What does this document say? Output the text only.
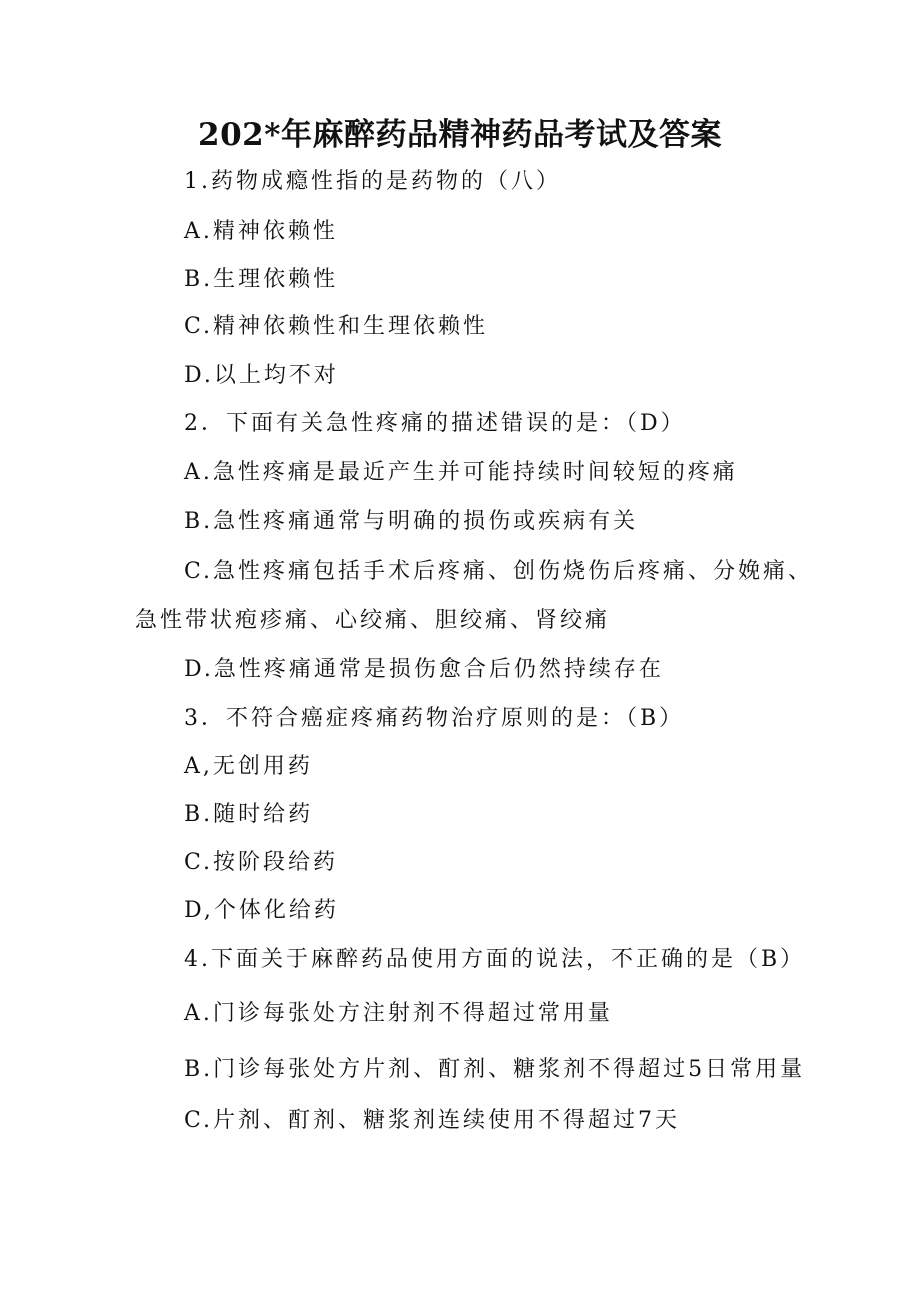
202*年麻醉药品精神药品考试及答案
1.药物成瘾性指的是药物的（八）
A.精神依赖性
B.生理依赖性
C.精神依赖性和生理依赖性
D.以上均不对
2．下面有关急性疼痛的描述错误的是：（D）
A.急性疼痛是最近产生并可能持续时间较短的疼痛
B.急性疼痛通常与明确的损伤或疾病有关
C.急性疼痛包括手术后疼痛、创伤烧伤后疼痛、分娩痛、
急性带状疱疹痛、心绞痛、胆绞痛、肾绞痛
D.急性疼痛通常是损伤愈合后仍然持续存在
3．不符合癌症疼痛药物治疗原则的是：（B）
A,无创用药
B.随时给药
C.按阶段给药
D,个体化给药
4.下面关于麻醉药品使用方面的说法，不正确的是（B）
A.门诊每张处方注射剂不得超过常用量
B.门诊每张处方片剂、酊剂、糖浆剂不得超过5日常用量
C.片剂、酊剂、糖浆剂连续使用不得超过7天
